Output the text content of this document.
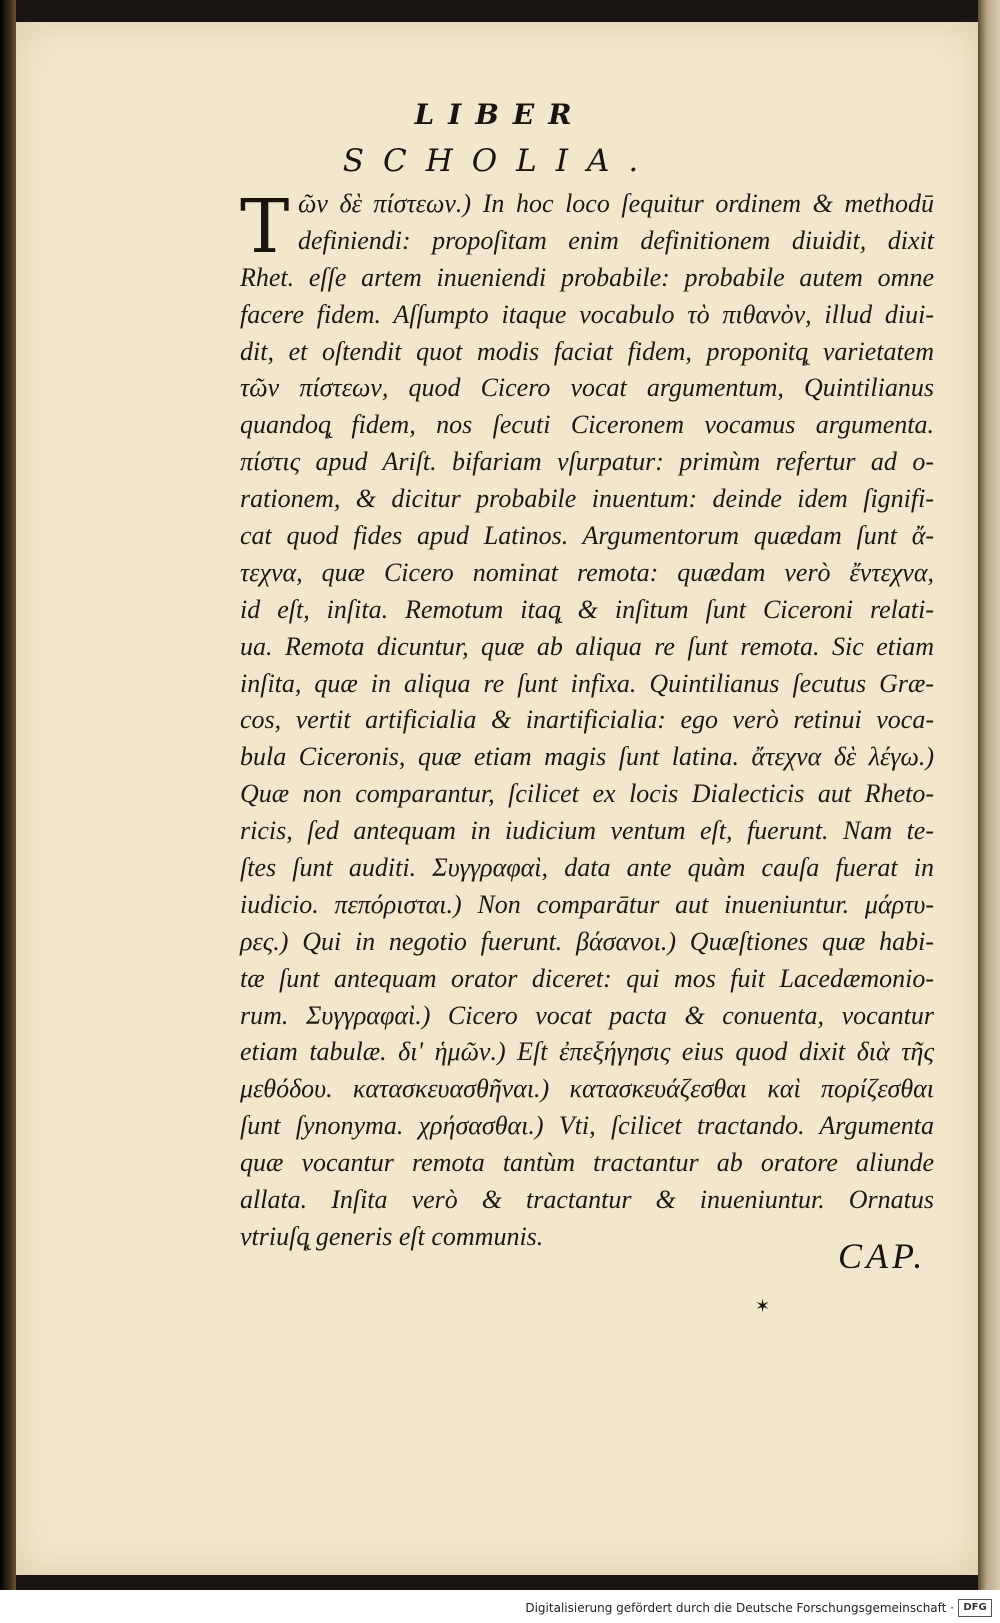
LIBER
SCHOLIA.
T ῶν δὲ πίστεων.) In hoc loco ſequitur ordinem & methodū
definiendi: propoſitam enim definitionem diuidit, dixit
Rhet. eſſe artem inueniendi probabile: probabile autem omne
facere fidem. Aſſumpto itaque vocabulo τὸ πιθανὸν, illud diui-
dit, et oſtendit quot modis faciat fidem, proponitq̨ varietatem
τῶν πίστεων, quod Cicero vocat argumentum, Quintilianus
quandoq̨ fidem, nos ſecuti Ciceronem vocamus argumenta.
πίστις apud Ariſt. bifariam vſurpatur: primùm refertur ad o-
rationem, & dicitur probabile inuentum: deinde idem ſignifi-
cat quod fides apud Latinos. Argumentorum quædam ſunt ἄ-
τεχνα, quæ Cicero nominat remota: quædam verò ἔντεχνα,
id eſt, inſita. Remotum itaq̨ & inſitum ſunt Ciceroni relati-
ua. Remota dicuntur, quæ ab aliqua re ſunt remota. Sic etiam
inſita, quæ in aliqua re ſunt infixa. Quintilianus ſecutus Græ-
cos, vertit artificialia & inartificialia: ego verò retinui voca-
bula Ciceronis, quæ etiam magis ſunt latina. ἄτεχνα δὲ λέγω.)
Quæ non comparantur, ſcilicet ex locis Dialecticis aut Rheto-
ricis, ſed antequam in iudicium ventum eſt, fuerunt. Nam te-
ſtes ſunt auditi. Συγγραφαὶ, data ante quàm cauſa fuerat in
iudicio. πεπόρισται.) Non comparātur aut inueniuntur. μάρτυ-
ρες.) Qui in negotio fuerunt. βάσανοι.) Quæſtiones quæ habi-
tæ ſunt antequam orator diceret: qui mos fuit Lacedæmonio-
rum. Συγγραφαὶ.) Cicero vocat pacta & conuenta, vocantur
etiam tabulæ. δι' ἡμῶν.) Eſt ἐπεξήγησις eius quod dixit διὰ τῆς
μεθόδου. κατασκευασθῆναι.) κατασκευάζεσθαι καὶ πορίζεσθαι
ſunt ſynonyma. χρήσασθαι.) Vti, ſcilicet tractando. Argumenta
quæ vocantur remota tantùm tractantur ab oratore aliunde
allata. Inſita verò & tractantur & inueniuntur. Ornatus
vtriuſq̨ generis eſt communis.	CAP.
✶
Digitalisierung gefördert durch die Deutsche Forschungsgemeinschaft · DFG
